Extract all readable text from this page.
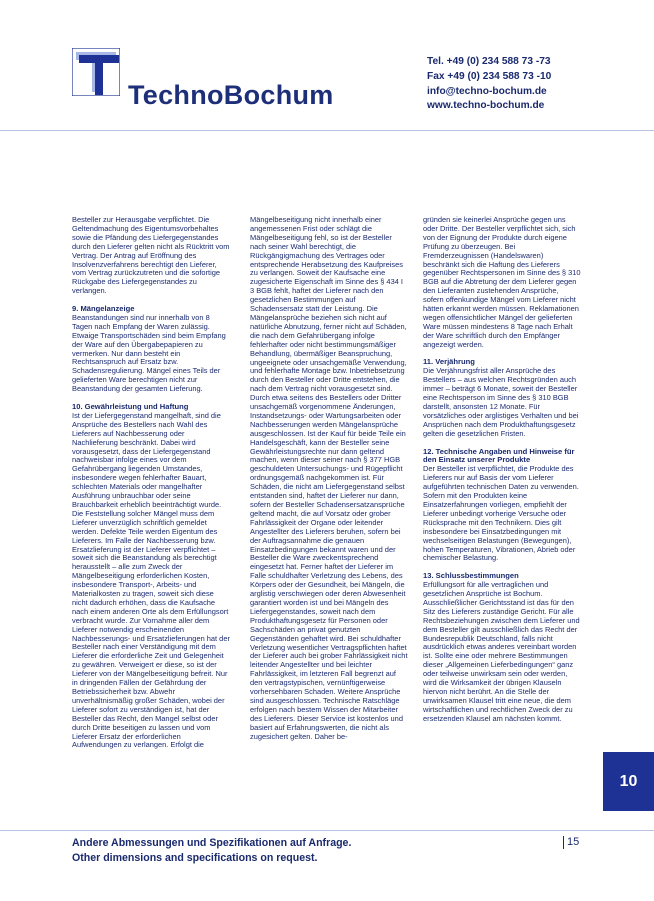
TechnoBochum
Tel. +49 (0) 234 588 73 -73
Fax +49 (0) 234 588 73 -10
info@techno-bochum.de
www.techno-bochum.de

Besteller zur Herausgabe verpflichtet. Die Geltendmachung des Eigentumsvorbehaltes sowie die Pfändung des Liefergegenstandes durch den Lieferer gelten nicht als Rücktritt vom Vertrag. Der Antrag auf Eröffnung des Insolvenzverfahrens berechtigt den Lieferer, vom Vertrag zurückzutreten und die sofortige Rückgabe des Liefergegenstandes zu verlangen.

9. Mängelanzeige

Beanstandungen sind nur innerhalb von 8 Tagen nach Empfang der Waren zulässig. Etwaige Transportschäden sind beim Empfang der Ware auf den Übergabepapieren zu vermerken. Nur dann besteht ein Rechtsanspruch auf Ersatz bzw. Schadensregulierung. Mängel eines Teils der gelieferten Ware berechtigen nicht zur Beanstandung der gesamten Lieferung.

10. Gewährleistung und Haftung

Ist der Liefergegenstand mangelhaft, sind die Ansprüche des Bestellers nach Wahl des Lieferers auf Nachbesserung oder Nachlieferung beschränkt. Dabei wird vorausgesetzt, dass der Liefergegenstand nachweisbar infolge eines vor dem Gefahrübergang liegenden Umstandes, insbesondere wegen fehlerhafter Bauart, schlechten Materials oder mangelhafter Ausführung unbrauchbar oder seine Brauchbarkeit erheblich beeinträchtigt wurde. Die Feststellung solcher Mängel muss dem Lieferer unverzüglich schriftlich gemeldet werden. Defekte Teile werden Eigentum des Lieferers. Im Falle der Nachbesserung bzw. Ersatzlieferung ist der Lieferer verpflichtet – soweit sich die Beanstandung als berechtigt herausstellt – alle zum Zweck der Mängelbeseitigung erforderlichen Kosten, insbesondere Transport-, Arbeits- und Materialkosten zu tragen, soweit sich diese nicht dadurch erhöhen, dass die Kaufsache nach einem anderen Orte als dem Erfüllungsort verbracht wurde. Zur Vornahme aller dem Lieferer notwendig erscheinenden Nachbesserungs- und Ersatzlieferungen hat der Besteller nach einer Verständigung mit dem Lieferer die erforderliche Zeit und Gelegenheit zu gewähren. Verweigert er diese, so ist der Lieferer von der Mängelbeseitigung befreit. Nur in dringenden Fällen der Gefährdung der Betriebssicherheit bzw. Abwehr unverhältnismäßig großer Schäden, wobei der Lieferer sofort zu verständigen ist, hat der Besteller das Recht, den Mangel selbst oder durch Dritte beseitigen zu lassen und vom Lieferer Ersatz der erforderlichen Aufwendungen zu verlangen. Erfolgt die

Mängelbeseitigung nicht innerhalb einer angemessenen Frist oder schlägt die Mängelbeseitigung fehl, so ist der Besteller nach seiner Wahl berechtigt, die Rückgängigmachung des Vertrages oder entsprechende Herabsetzung des Kaufpreises zu verlangen. Soweit der Kaufsache eine zugesicherte Eigenschaft im Sinne des § 434 I 3 BGB fehlt, haftet der Lieferer nach den gesetzlichen Bestimmungen auf Schadensersatz statt der Leistung. Die Mängelansprüche beziehen sich nicht auf natürliche Abnutzung, ferner nicht auf Schäden, die nach dem Gefahrübergang infolge fehlerhafter oder nicht bestimmungsmäßiger Behandlung, übermäßiger Beanspruchung, ungeeignete oder unsachgemäße Verwendung, und fehlerhafte Montage bzw. Inbetriebsetzung durch den Besteller oder Dritte entstehen, die nach dem Vertrag nicht vorausgesetzt sind. Durch etwa seitens des Bestellers oder Dritter unsachgemäß vorgenommene Änderungen, Instandsetzungs- oder Wartungsarbeiten oder Nachbesserungen werden Mängelansprüche ausgeschlossen. Ist der Kauf für beide Teile ein Handelsgeschäft, kann der Besteller seine Gewährleistungsrechte nur dann geltend machen, wenn dieser seiner nach § 377 HGB geschuldeten Untersuchungs- und Rügepflicht ordnungsgemäß nachgekommen ist. Für Schäden, die nicht am Liefergegenstand selbst entstanden sind, haftet der Lieferer nur dann, sofern der Besteller Schadensersatzansprüche geltend macht, die auf Vorsatz oder grober Fahrlässigkeit der Organe oder leitender Angestellter des Lieferers beruhen, sofern bei der Auftragsannahme die genauen Einsatzbedingungen bekannt waren und der Besteller die Ware zweckentsprechend eingesetzt hat. Ferner haftet der Lieferer im Falle schuldhafter Verletzung des Lebens, des Körpers oder der Gesundheit, bei Mängeln, die arglistig verschwiegen oder deren Abwesenheit garantiert worden ist und bei Mängeln des Liefergegenstandes, soweit nach dem Produkthaftungsgesetz für Personen oder Sachschäden an privat genutzten Gegenständen gehaftet wird. Bei schuldhafter Verletzung wesentlicher Vertragspflichten haftet der Lieferer auch bei grober Fahrlässigkeit nicht leitender Angestellter und bei leichter Fahrlässigkeit, im letzteren Fall begrenzt auf den vertragstypischen, vernünftigerweise vorhersehbaren Schaden. Weitere Ansprüche sind ausgeschlossen. Technische Ratschläge erfolgen nach bestem Wissen der Mitarbeiter des Lieferers. Dieser Service ist kostenlos und basiert auf Erfahrungswerten, die nicht als zugesichert gelten. Daher be-

gründen sie keinerlei Ansprüche gegen uns oder Dritte. Der Besteller verpflichtet sich, sich von der Eignung der Produkte durch eigene Prüfung zu überzeugen. Bei Fremderzeugnissen (Handelswaren) beschränkt sich die Haftung des Lieferers gegenüber Rechtspersonen im Sinne des § 310 BGB auf die Abtretung der dem Lieferer gegen den Lieferanten zustehenden Ansprüche, sofern offenkundige Mängel vom Lieferer nicht hätten erkannt werden müssen. Reklamationen wegen offensichtlicher Mängel der gelieferten Ware müssen mindestens 8 Tage nach Erhalt der Ware schriftlich durch den Empfänger angezeigt werden.

11. Verjährung

Die Verjährungsfrist aller Ansprüche des Bestellers – aus welchen Rechtsgründen auch immer – beträgt 6 Monate, soweit der Besteller eine Rechtsperson im Sinne des § 310 BGB darstellt, ansonsten 12 Monate. Für vorsätzliches oder arglistiges Verhalten und bei Ansprüchen nach dem Produkthaftungsgesetz gelten die gesetzlichen Fristen.

12. Technische Angaben und Hinweise für den Einsatz unserer Produkte

Der Besteller ist verpflichtet, die Produkte des Lieferers nur auf Basis der vom Lieferer aufgeführten technischen Daten zu verwenden. Sofern mit den Produkten keine Einsatzerfahrungen vorliegen, empfiehlt der Lieferer unbedingt vorherige Versuche oder Rücksprache mit den Technikern. Dies gilt insbesondere bei Einsatzbedingungen mit wechselseitigen Belastungen (Bewegungen), hohen Temperaturen, Vibrationen, Abrieb oder chemischer Belastung.

13. Schlussbestimmungen

Erfüllungsort für alle vertraglichen und gesetzlichen Ansprüche ist Bochum. Ausschließlicher Gerichtsstand ist das für den Sitz des Lieferers zuständige Gericht. Für alle Rechtsbeziehungen zwischen dem Lieferer und dem Besteller gilt ausschließlich das Recht der Bundesrepublik Deutschland, falls nicht ausdrücklich etwas anderes vereinbart worden ist. Sollte eine oder mehrere Bestimmungen dieser „Allgemeinen Lieferbedingungen“ ganz oder teilweise unwirksam sein oder werden, wird die Wirksamkeit der übrigen Klauseln hiervon nicht berührt. An die Stelle der unwirksamen Klausel tritt eine neue, die dem wirtschaftlichen und rechtlichen Zweck der zu ersetzenden Klausel am nächsten kommt.

10
Andere Abmessungen und Spezifikationen auf Anfrage.
Other dimensions and specifications on request.
15
